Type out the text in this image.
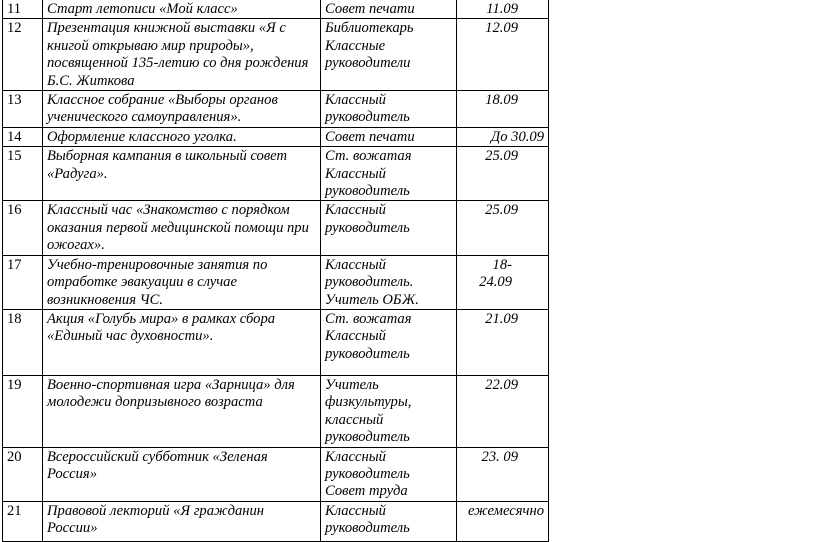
11	Старт летописи «Мой класс»	Совет печати	11.09
12	Презентация книжной выставки «Я с
книгой открываю мир природы»,
посвященной 135-летию со дня рождения
Б.С. Житкова	Библиотекарь
Классные
руководители	12.09
13	Классное собрание «Выборы органов
ученического самоуправления».	Классный
руководитель	18.09
14	Оформление классного уголка.	Совет печати	До 30.09
15	Выборная кампания в школьный совет
«Радуга».	Ст. вожатая
Классный
руководитель	25.09
16	Классный час «Знакомство с порядком
оказания первой медицинской помощи при
ожогах».	Классный
руководитель	25.09
17	Учебно-тренировочные занятия по
отработке эвакуации в случае
возникновения ЧС.	Классный
руководитель.
Учитель ОБЖ.	18-24.09
18	Акция «Голубь мира» в рамках сбора
«Единый час духовности».	Ст. вожатая
Классный
руководитель	21.09
19	Военно-спортивная игра «Зарница» для
молодежи допризывного возраста	Учитель
физкультуры,
классный
руководитель	22.09
20	Всероссийский субботник «Зеленая
Россия»	Классный
руководитель
Совет труда	23. 09
21	Правовой лекторий «Я гражданин
России»	Классный
руководитель	ежемесячно
